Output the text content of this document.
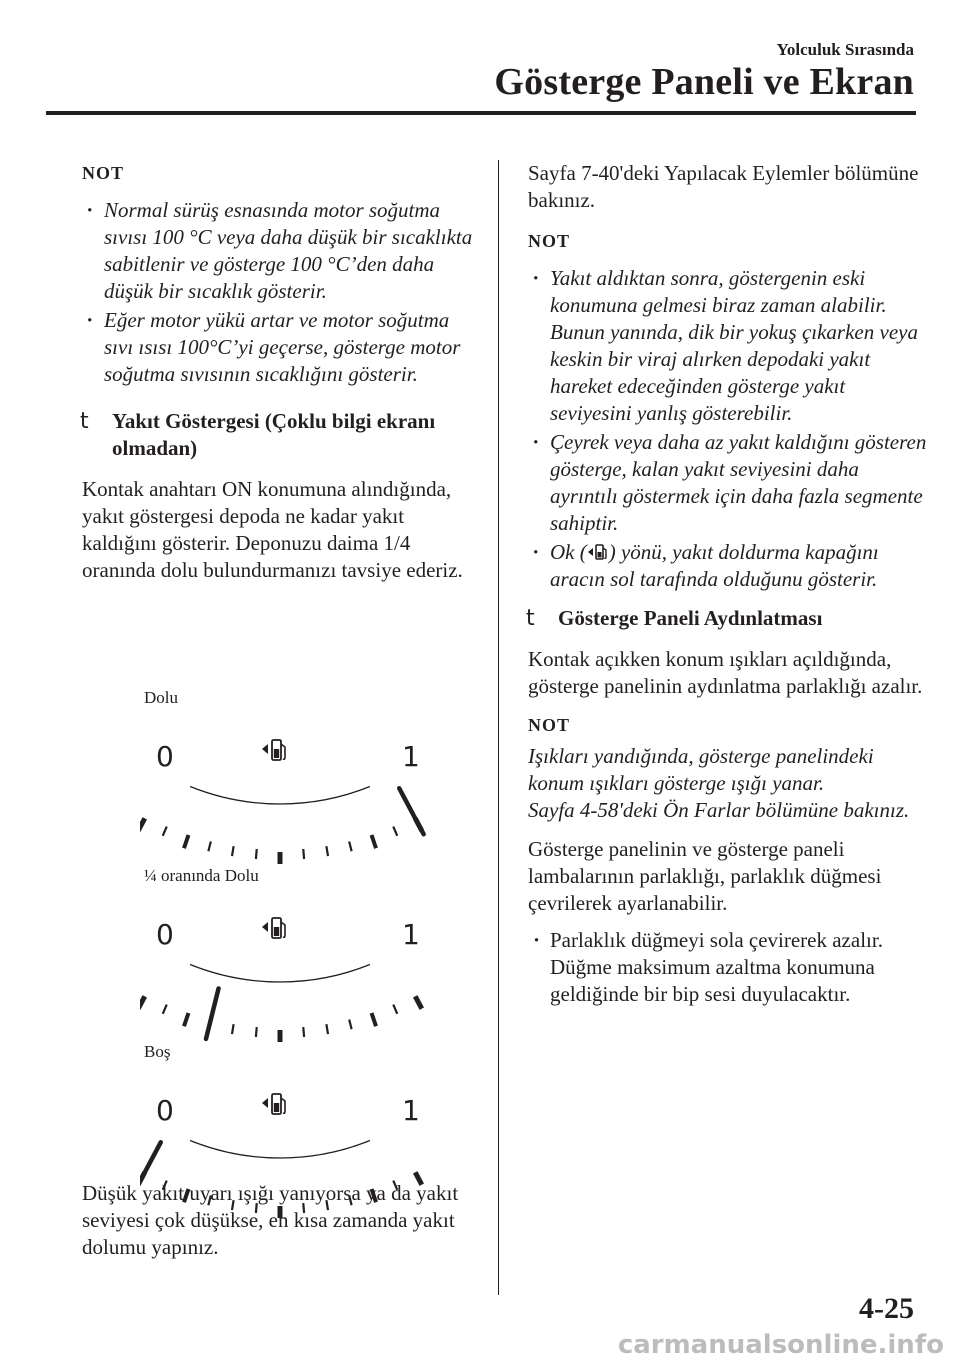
Yolculuk Sırasında
Gösterge Paneli ve Ekran
NOT
· Normal sürüş esnasında motor soğutma sıvısı 100 °C veya daha düşük bir sıcaklıkta sabitlenir ve gösterge 100 °C’den daha düşük bir sıcaklık gösterir.
· Eğer motor yükü artar ve motor soğutma sıvı ısısı 100°C’yi geçerse, gösterge motor soğutma sıvısının sıcaklığını gösterir.
t Yakıt Göstergesi (Çoklu bilgi ekranı olmadan)

Kontak anahtarı ON konumuna alındığında, yakıt göstergesi depoda ne kadar yakıt kaldığını gösterir. Deponuzu daima 1/4 oranında dolu bulundurmanızı tavsiye ederiz.

Dolu
0	1
¼ oranında Dolu
0	1
Boş
0	1

Düşük yakıt uyarı ışığı yanıyorsa ya da yakıt seviyesi çok düşükse, en kısa zamanda yakıt dolumu yapınız.

Sayfa 7-40'deki Yapılacak Eylemler bölümüne bakınız.

NOT
· Yakıt aldıktan sonra, göstergenin eski konumuna gelmesi biraz zaman alabilir. Bunun yanında, dik bir yokuş çıkarken veya keskin bir viraj alırken depodaki yakıt hareket edeceğinden gösterge yakıt seviyesini yanlış gösterebilir.
· Çeyrek veya daha az yakıt kaldığını gösteren gösterge, kalan yakıt seviyesini daha ayrıntılı göstermek için daha fazla segmente sahiptir.
· Ok ( ) yönü, yakıt doldurma kapağını aracın sol tarafında olduğunu gösterir.
t Gösterge Paneli Aydınlatması

Kontak açıkken konum ışıkları açıldığında, gösterge panelinin aydınlatma parlaklığı azalır.

NOT
Işıkları yandığında, gösterge panelindeki konum ışıkları gösterge ışığı yanar.
Sayfa 4-58'deki Ön Farlar bölümüne bakınız.

Gösterge panelinin ve gösterge paneli lambalarının parlaklığı, parlaklık düğmesi çevrilerek ayarlanabilir.

· Parlaklık düğmeyi sola çevirerek azalır. Düğme maksimum azaltma konumuna geldiğinde bir bip sesi duyulacaktır.
4-25
carmanualsonline.info
